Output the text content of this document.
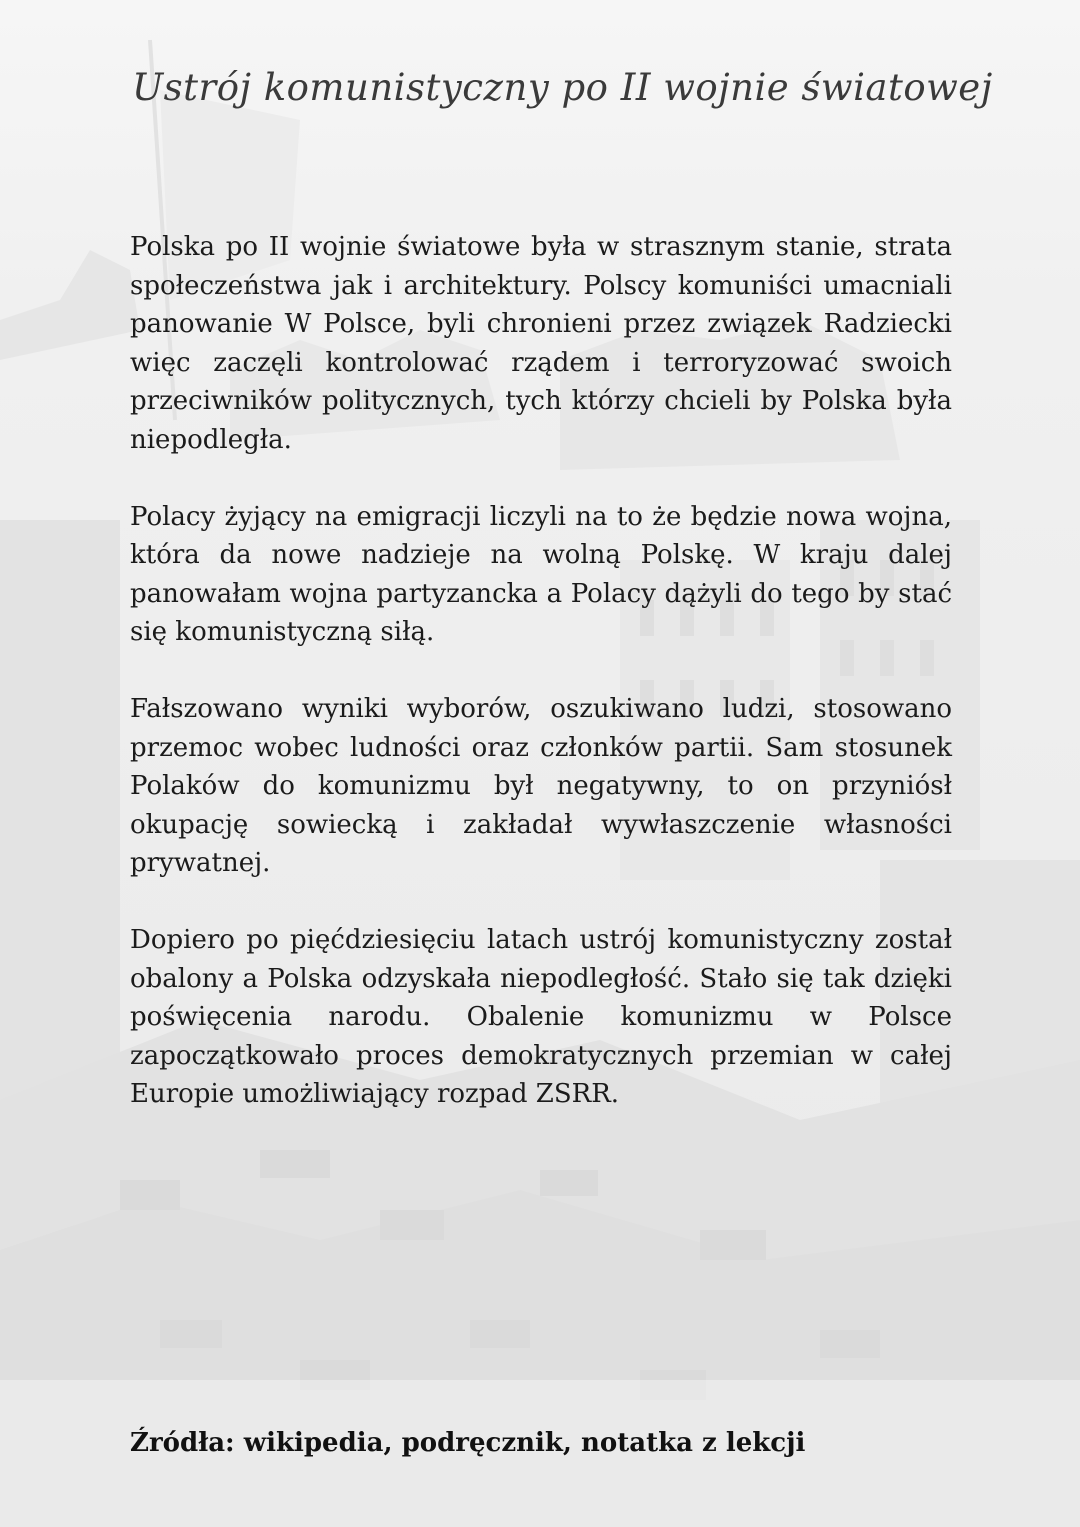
Ustrój komunistyczny po II wojnie światowej

Polska po II wojnie światowe była w strasznym stanie, strata społeczeństwa jak i architektury. Polscy komuniści umacniali panowanie W Polsce, byli chronieni przez związek Radziecki więc zaczęli kontrolować rządem i terroryzować swoich przeciwników politycznych, tych którzy chcieli by Polska była niepodległa.

Polacy żyjący na emigracji liczyli na to że będzie nowa wojna, która da nowe nadzieje na wolną Polskę. W kraju dalej panowałam wojna partyzancka a Polacy dążyli do tego by stać się komunistyczną siłą.

Fałszowano wyniki wyborów, oszukiwano ludzi, stosowano przemoc wobec ludności oraz członków partii. Sam stosunek Polaków do komunizmu był negatywny, to on przyniósł okupację sowiecką i zakładał wywłaszczenie własności prywatnej.

Dopiero po pięćdziesięciu latach ustrój komunistyczny został obalony a Polska odzyskała niepodległość. Stało się tak dzięki poświęcenia narodu. Obalenie komunizmu w Polsce zapoczątkowało proces demokratycznych przemian w całej Europie umożliwiający rozpad ZSRR.

Źródła: wikipedia, podręcznik, notatka z lekcji
